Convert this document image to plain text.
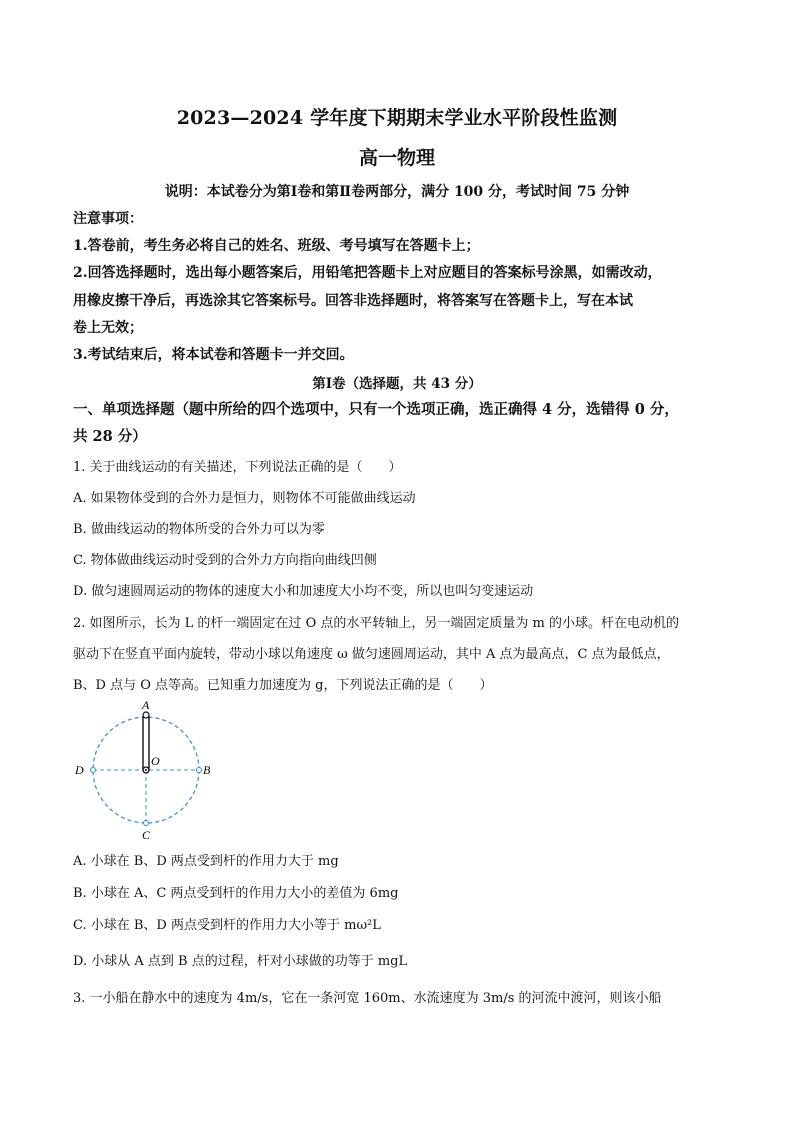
2023—2024 学年度下期期末学业水平阶段性监测
高一物理
说明：本试卷分为第Ⅰ卷和第Ⅱ卷两部分，满分 100 分，考试时间 75 分钟
注意事项：
1.答卷前，考生务必将自己的姓名、班级、考号填写在答题卡上；
2.回答选择题时，选出每小题答案后，用铅笔把答题卡上对应题目的答案标号涂黑，如需改动，
用橡皮擦干净后，再选涂其它答案标号。回答非选择题时，将答案写在答题卡上，写在本试
卷上无效；
3.考试结束后，将本试卷和答题卡一并交回。
第Ⅰ卷（选择题，共 43 分）
一、单项选择题（题中所给的四个选项中，只有一个选项正确，选正确得 4 分，选错得 0 分，
共 28 分）
1. 关于曲线运动的有关描述，下列说法正确的是（　　）
A. 如果物体受到的合外力是恒力，则物体不可能做曲线运动
B. 做曲线运动的物体所受的合外力可以为零
C. 物体做曲线运动时受到的合外力方向指向曲线凹侧
D. 做匀速圆周运动的物体的速度大小和加速度大小均不变，所以也叫匀变速运动
2. 如图所示，长为 L 的杆一端固定在过 O 点的水平转轴上，另一端固定质量为 m 的小球。杆在电动机的
驱动下在竖直平面内旋转，带动小球以角速度 ω 做匀速圆周运动，其中 A 点为最高点，C 点为最低点，
B、D 点与 O 点等高。已知重力加速度为 g，下列说法正确的是（　　）
A
B
C
D
O
A. 小球在 B、D 两点受到杆的作用力大于 mg
B. 小球在 A、C 两点受到杆的作用力大小的差值为 6mg
C. 小球在 B、D 两点受到杆的作用力大小等于 mω²L
D. 小球从 A 点到 B 点的过程，杆对小球做的功等于 mgL
3. 一小船在静水中的速度为 4m/s，它在一条河宽 160m、水流速度为 3m/s 的河流中渡河，则该小船
